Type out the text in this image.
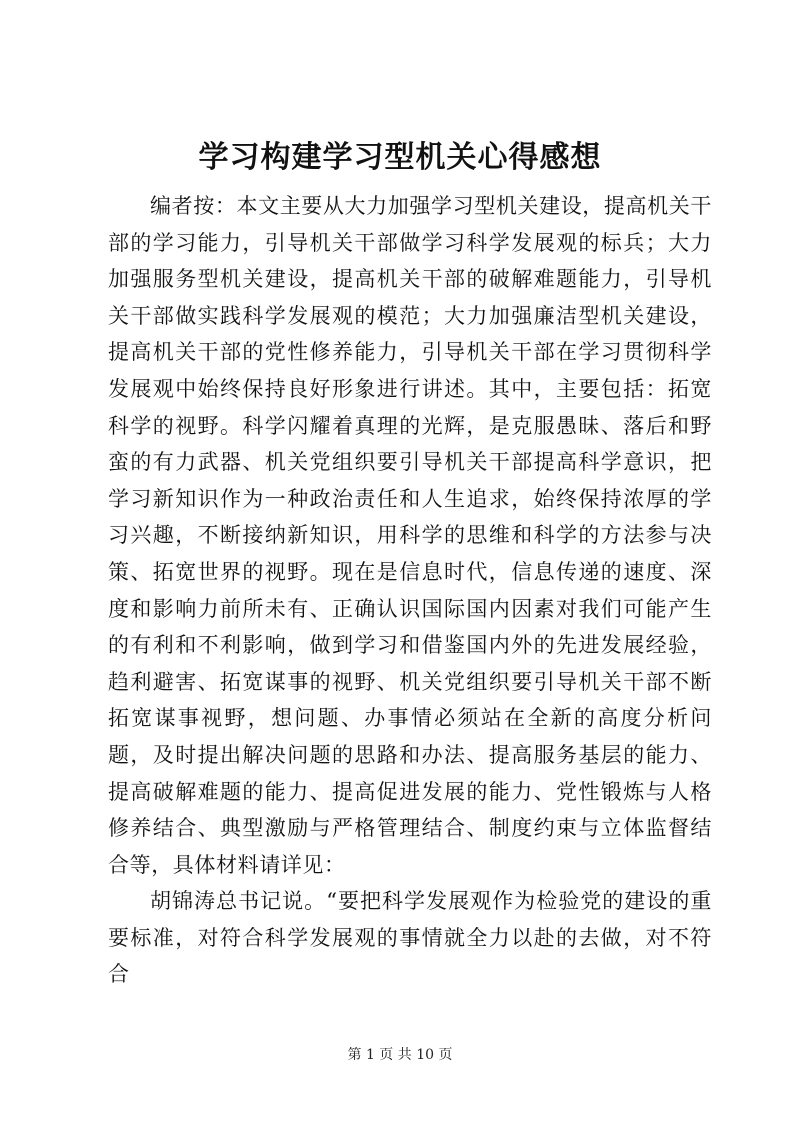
学习构建学习型机关心得感想

编者按：本文主要从大力加强学习型机关建设，提高机关干部的学习能力，引导机关干部做学习科学发展观的标兵；大力加强服务型机关建设，提高机关干部的破解难题能力，引导机关干部做实践科学发展观的模范；大力加强廉洁型机关建设，提高机关干部的党性修养能力，引导机关干部在学习贯彻科学发展观中始终保持良好形象进行讲述。其中，主要包括：拓宽科学的视野。科学闪耀着真理的光辉，是克服愚昧、落后和野蛮的有力武器、机关党组织要引导机关干部提高科学意识，把学习新知识作为一种政治责任和人生追求，始终保持浓厚的学习兴趣，不断接纳新知识，用科学的思维和科学的方法参与决策、拓宽世界的视野。现在是信息时代，信息传递的速度、深度和影响力前所未有、正确认识国际国内因素对我们可能产生的有利和不利影响，做到学习和借鉴国内外的先进发展经验，趋利避害、拓宽谋事的视野、机关党组织要引导机关干部不断拓宽谋事视野，想问题、办事情必须站在全新的高度分析问题，及时提出解决问题的思路和办法、提高服务基层的能力、提高破解难题的能力、提高促进发展的能力、党性锻炼与人格修养结合、典型激励与严格管理结合、制度约束与立体监督结合等，具体材料请详见：

胡锦涛总书记说。“要把科学发展观作为检验党的建设的重要标准，对符合科学发展观的事情就全力以赴的去做，对不符合

第 1 页 共 10 页
